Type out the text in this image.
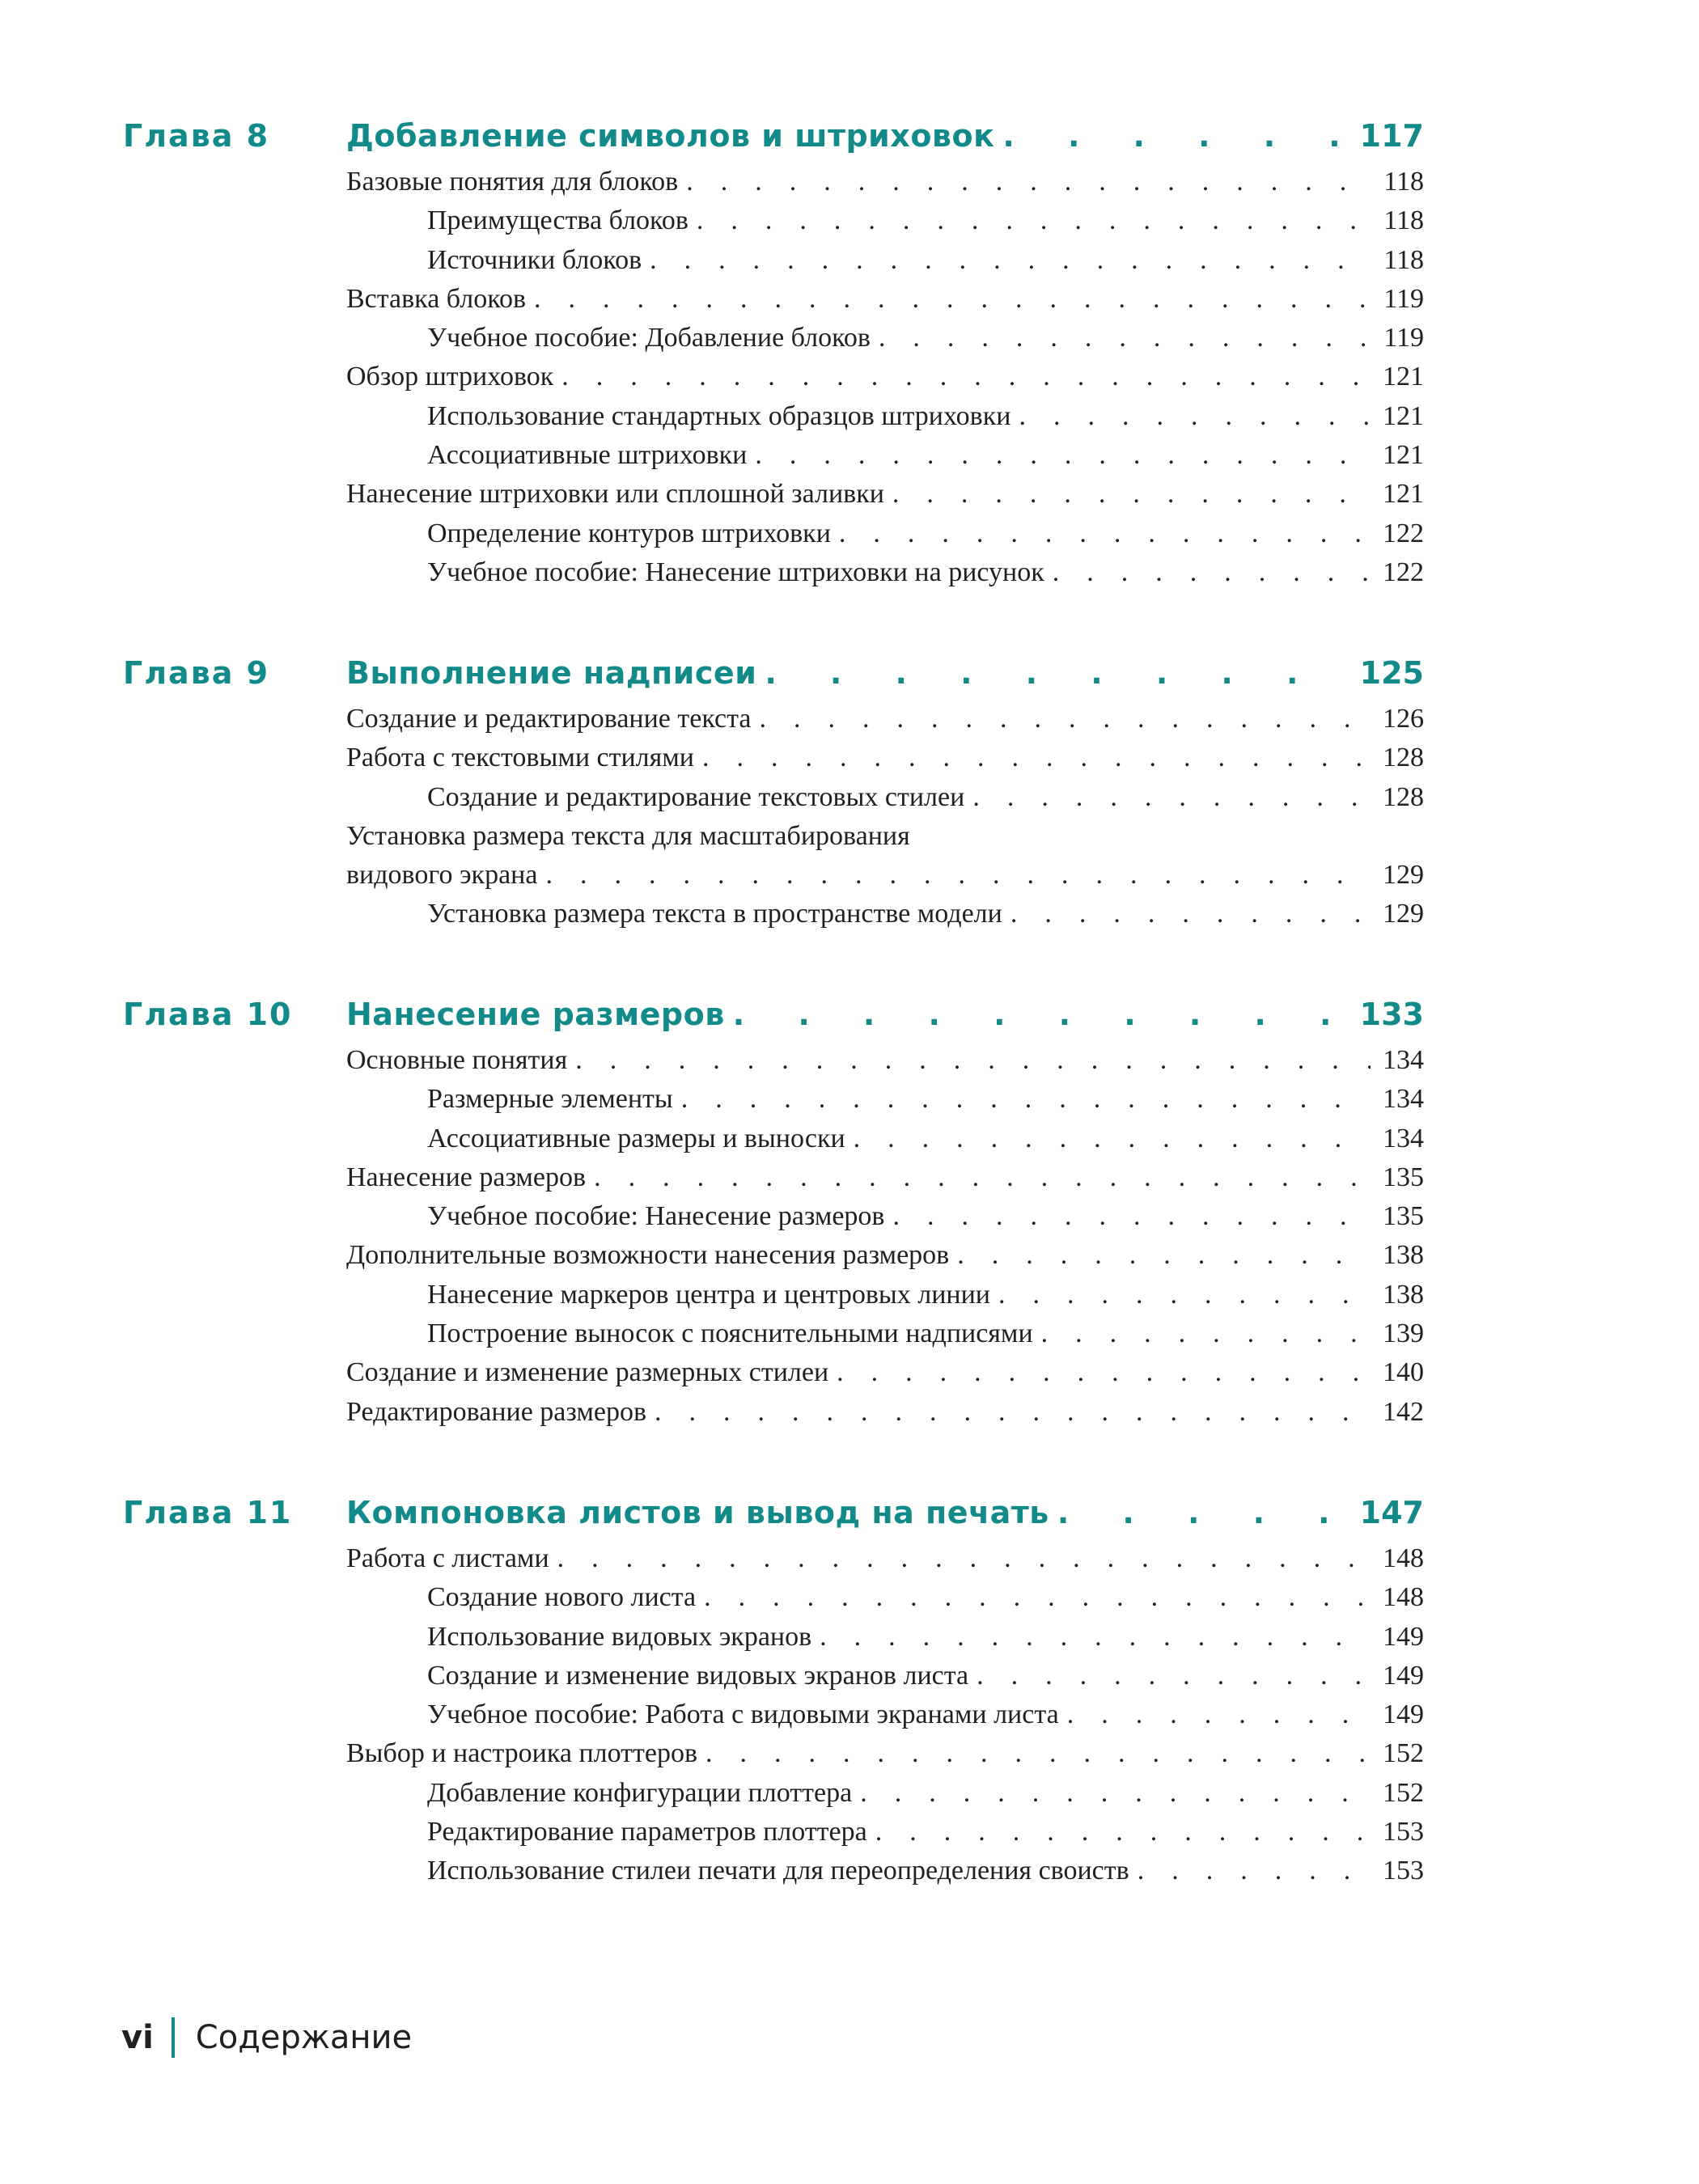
Глава 8 Добавление символов и штриховок .	117
Базовые понятия для блоков .	118
Преимущества блоков .	118
Источники блоков .	118
Вставка блоков .	119
Учебное пособие: Добавление блоков .	119
Обзор штриховок .	121
Использование стандартных образцов штриховки .	121
Ассоциативные штриховки .	121
Нанесение штриховки или сплошной заливки .	121
Определение контуров штриховки .	122
Учебное пособие: Нанесение штриховки на рисунок .	122
Глава 9 Выполнение надписеи .	125
Создание и редактирование текста .	126
Работа с текстовыми стилями .	128
Создание и редактирование текстовых стилеи .	128
Установка размера текста для масштабирования
видового экрана .	129
Установка размера текста в пространстве модели .	129
Глава 10 Нанесение размеров .	133
Основные понятия .	134
Размерные элементы .	134
Ассоциативные размеры и выноски .	134
Нанесение размеров .	135
Учебное пособие: Нанесение размеров .	135
Дополнительные возможности нанесения размеров .	138
Нанесение маркеров центра и центровых линии .	138
Построение выносок с пояснительными надписями .	139
Создание и изменение размерных стилеи .	140
Редактирование размеров .	142
Глава 11 Компоновка листов и вывод на печать .	147
Работа с листами .	148
Создание нового листа .	148
Использование видовых экранов .	149
Создание и изменение видовых экранов листа .	149
Учебное пособие: Работа с видовыми экранами листа .	149
Выбор и настроика плоттеров .	152
Добавление конфигурации плоттера .	152
Редактирование параметров плоттера .	153
Использование стилеи печати для переопределения своиств .	153
vi Содержание
